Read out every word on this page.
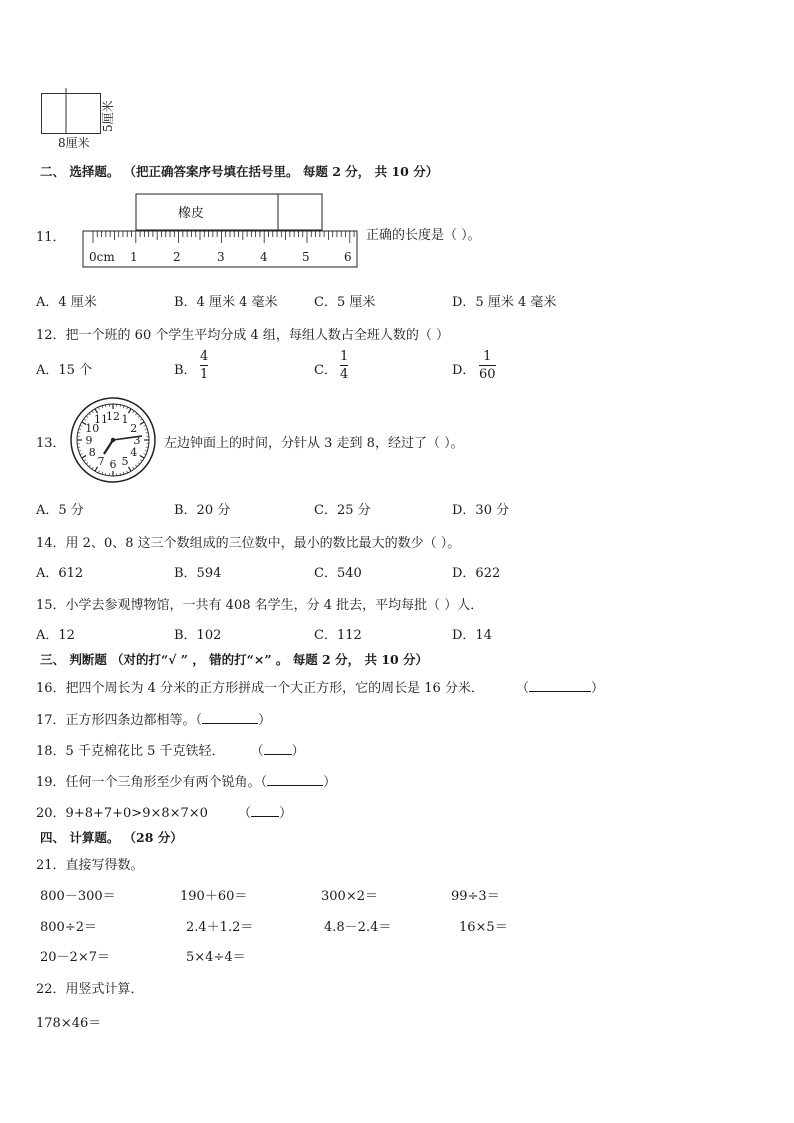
8厘米
5厘米
二、 选择题。 （把正确答案序号填在括号里。 每题 2 分， 共 10 分）
11．
橡皮
0cm 1	2	3	4	5	6
正确的长度是（ ）。
A．4 厘米	B．4 厘米 4 毫米	C．5 厘米	D．5 厘米 4 毫米
12．把一个班的 60 个学生平均分成 4 组，每组人数占全班人数的（ ）
A．15 个	B．
4
1	C．
1
4	D．
1
60
13．
12 1
2
3
4
5
6
7
8
9
10
11
左边钟面上的时间，分针从 3 走到 8，经过了（ ）。
A．5 分	B．20 分	C．25 分	D．30 分
14．用 2、0、8 这三个数组成的三位数中，最小的数比最大的数少（ ）。
A．612	B．594	C．540	D．622
15．小学去参观博物馆，一共有 408 名学生，分 4 批去，平均每批（ ）人．
A．12	B．102	C．112	D．14
三、 判断题 （对的打“√ ” ， 错的打“×” 。 每题 2 分， 共 10 分）
16．把四个周长为 4 分米的正方形拼成一个大正方形，它的周长是 16 分米． （	）
17．正方形四条边都相等。（	）
18．5 千克棉花比 5 千克铁轻． （ ）
19．任何一个三角形至少有两个锐角。（	）
20．9+8+7+0>9×8×7×0 （ ）
四、 计算题。 （28 分）
21．直接写得数。
800－300＝	190＋60＝	300×2＝	99÷3＝
800÷2＝	2.4＋1.2＝	4.8－2.4＝	16×5＝
20－2×7＝	5×4÷4＝
22．用竖式计算．
178×46＝
